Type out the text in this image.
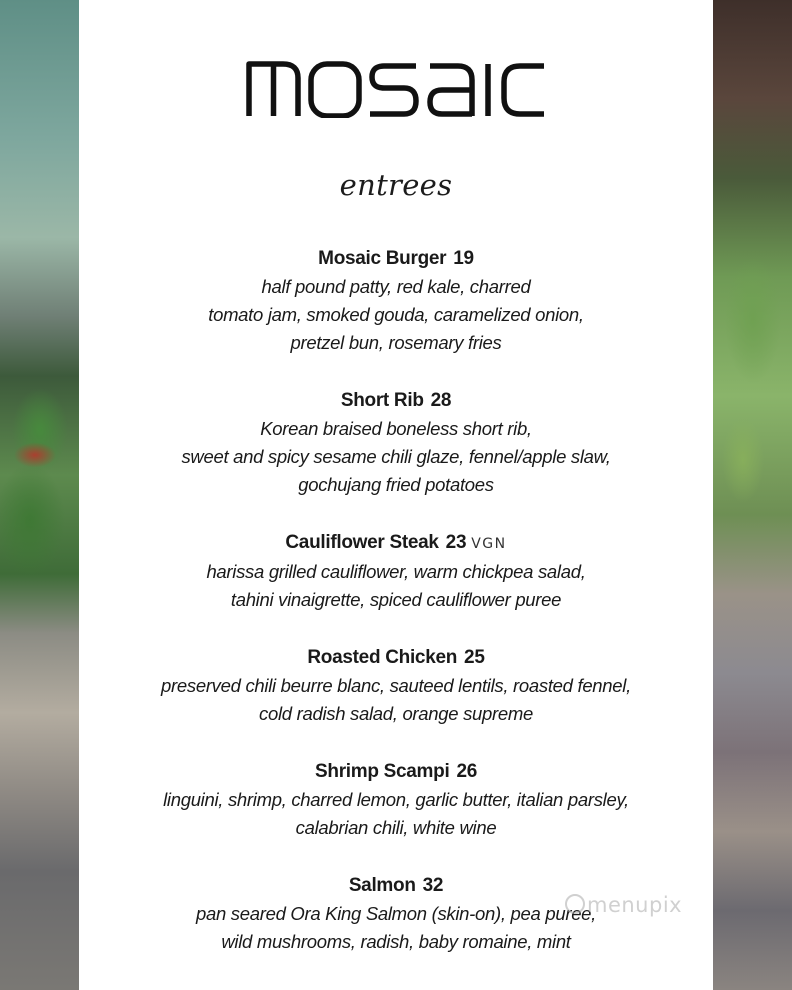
entrees
Mosaic Burger 19
half pound patty, red kale, charred
tomato jam, smoked gouda, caramelized onion,
pretzel bun, rosemary fries
Short Rib 28
Korean braised boneless short rib,
sweet and spicy sesame chili glaze, fennel/apple slaw,
gochujang fried potatoes
Cauliflower Steak 23 VGN
harissa grilled cauliflower, warm chickpea salad,
tahini vinaigrette, spiced cauliflower puree
Roasted Chicken 25
preserved chili beurre blanc, sauteed lentils, roasted fennel,
cold radish salad, orange supreme
Shrimp Scampi 26
linguini, shrimp, charred lemon, garlic butter, italian parsley,
calabrian chili, white wine
Salmon 32
pan seared Ora King Salmon (skin-on), pea puree,
wild mushrooms, radish, baby romaine, mint
menupix
